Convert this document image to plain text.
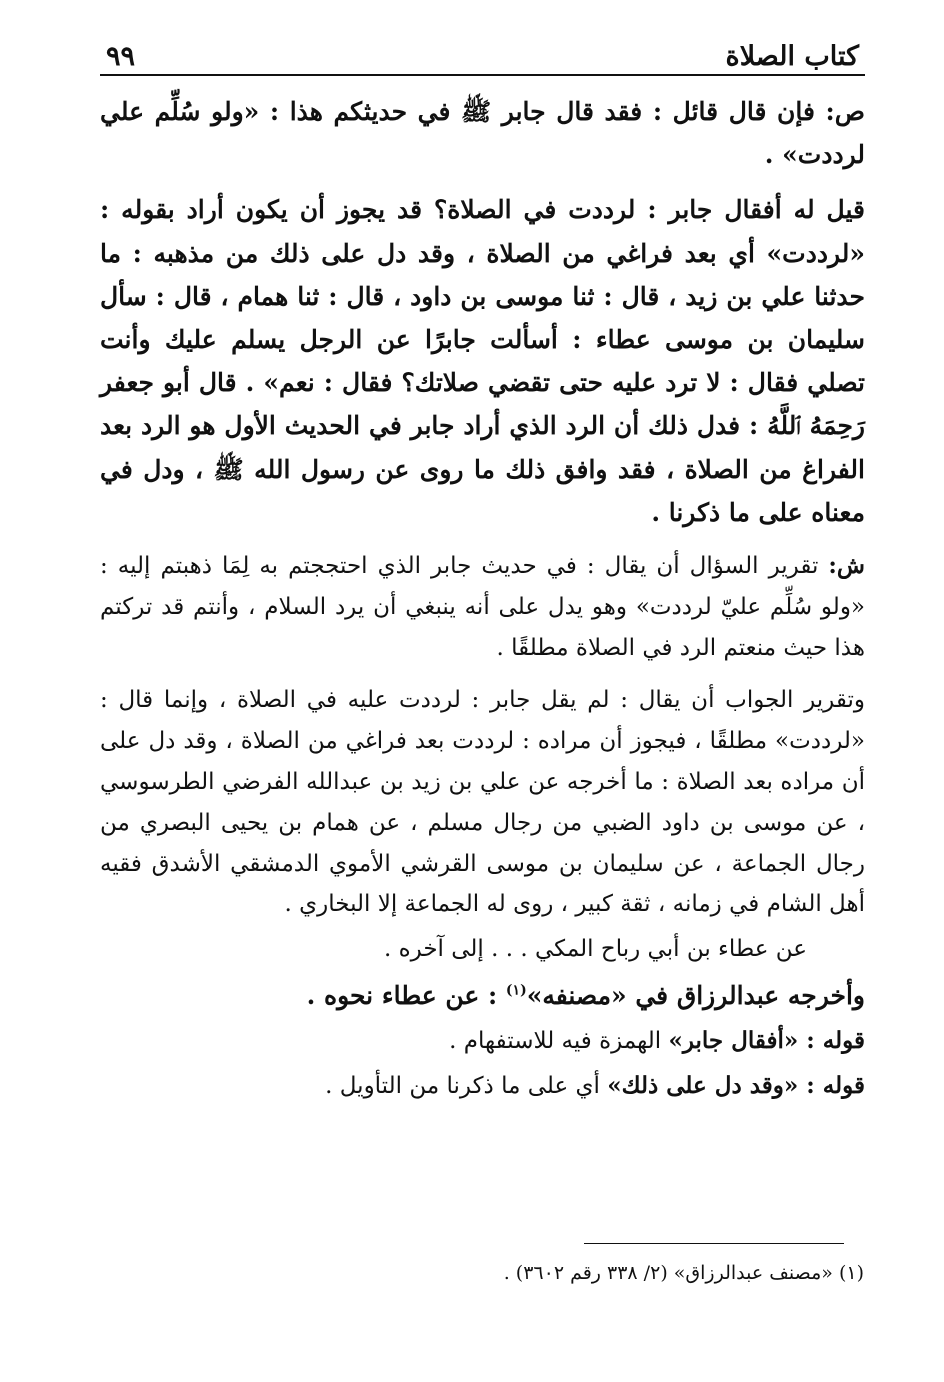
كتاب الصلاة
٩٩

ص: فإن قال قائل : فقد قال جابر ﷺ في حديثكم هذا : «ولو سُلِّم علي لرددت» .

قيل له أفقال جابر : لرددت في الصلاة؟ قد يجوز أن يكون أراد بقوله : «لرددت» أي بعد فراغي من الصلاة ، وقد دل على ذلك من مذهبه : ما حدثنا علي بن زيد ، قال : ثنا موسى بن داود ، قال : ثنا همام ، قال : سأل سليمان بن موسى عطاء : أسألت جابرًا عن الرجل يسلم عليك وأنت تصلي فقال : لا ترد عليه حتى تقضي صلاتك؟ فقال : نعم» . قال أبو جعفر رَحِمَهُ ٱللَّهُ : فدل ذلك أن الرد الذي أراد جابر في الحديث الأول هو الرد بعد الفراغ من الصلاة ، فقد وافق ذلك ما روى عن رسول الله ﷺ ، ودل في معناه على ما ذكرنا .

ش: تقرير السؤال أن يقال : في حديث جابر الذي احتججتم به لِمَا ذهبتم إليه : «ولو سُلِّم عليّ لرددت» وهو يدل على أنه ينبغي أن يرد السلام ، وأنتم قد تركتم هذا حيث منعتم الرد في الصلاة مطلقًا .

وتقرير الجواب أن يقال : لم يقل جابر : لرددت عليه في الصلاة ، وإنما قال : «لرددت» مطلقًا ، فيجوز أن مراده : لرددت بعد فراغي من الصلاة ، وقد دل على أن مراده بعد الصلاة : ما أخرجه عن علي بن زيد بن عبدالله الفرضي الطرسوسي ، عن موسى بن داود الضبي من رجال مسلم ، عن همام بن يحيى البصري من رجال الجماعة ، عن سليمان بن موسى القرشي الأموي الدمشقي الأشدق فقيه أهل الشام في زمانه ، ثقة كبير ، روى له الجماعة إلا البخاري .

عن عطاء بن أبي رباح المكي . . . إلى آخره .

وأخرجه عبدالرزاق في «مصنفه»$^{(١)}$ : عن عطاء نحوه .

قوله : «أفقال جابر» الهمزة فيه للاستفهام .

قوله : «وقد دل على ذلك» أي على ما ذكرنا من التأويل .

(١) «مصنف عبدالرزاق» (٢/ ٣٣٨ رقم ٣٦٠٢) .
